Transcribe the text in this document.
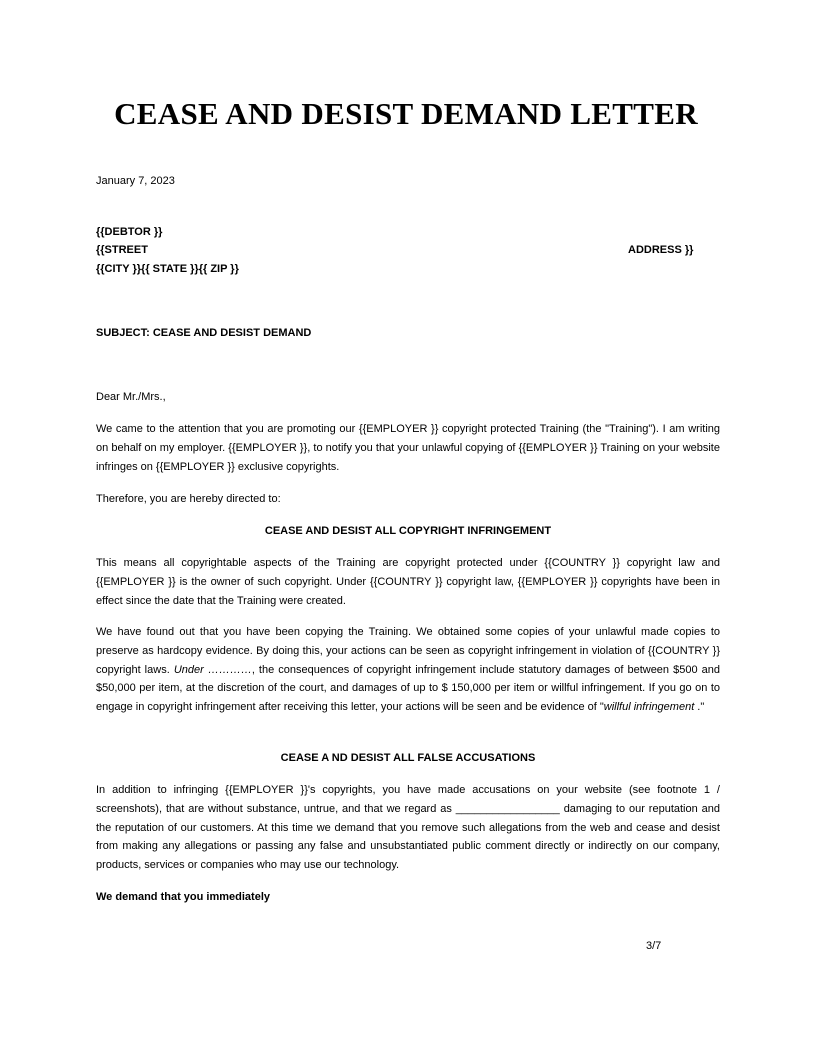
CEASE AND DESIST DEMAND LETTER
January 7, 2023
{{DEBTOR }}
{{STREET	ADDRESS }}
{{CITY }}{{ STATE }}{{ ZIP }}
SUBJECT: CEASE AND DESIST DEMAND
Dear Mr./Mrs.,
We came to the attention that you are promoting our {{EMPLOYER }} copyright protected Training (the "Training"). I am writing on behalf on my employer. {{EMPLOYER }}, to notify you that your unlawful copying of {{EMPLOYER }} Training on your website infringes on {{EMPLOYER }} exclusive copyrights.
Therefore, you are hereby directed to:
CEASE AND DESIST ALL COPYRIGHT INFRINGEMENT
This means all copyrightable aspects of the Training are copyright protected under {{COUNTRY }} copyright law and {{EMPLOYER }} is the owner of such copyright. Under {{COUNTRY }} copyright law, {{EMPLOYER }} copyrights have been in effect since the date that the Training were created.
We have found out that you have been copying the Training. We obtained some copies of your unlawful made copies to preserve as hardcopy evidence. By doing this, your actions can be seen as copyright infringement in violation of {{COUNTRY }} copyright laws. Under …………, the consequences of copyright infringement include statutory damages of between $500 and $50,000 per item, at the discretion of the court, and damages of up to $ 150,000 per item or willful infringement. If you go on to engage in copyright infringement after receiving this letter, your actions will be seen and be evidence of "willful infringement ."
CEASE A ND DESIST ALL FALSE ACCUSATIONS
In addition to infringing {{EMPLOYER }}'s copyrights, you have made accusations on your website (see footnote 1 / screenshots), that are without substance, untrue, and that we regard as _________________ damaging to our reputation and the reputation of our customers. At this time we demand that you remove such allegations from the web and cease and desist from making any allegations or passing any false and unsubstantiated public comment directly or indirectly on our company, products, services or companies who may use our technology.
We demand that you immediately
3/7
